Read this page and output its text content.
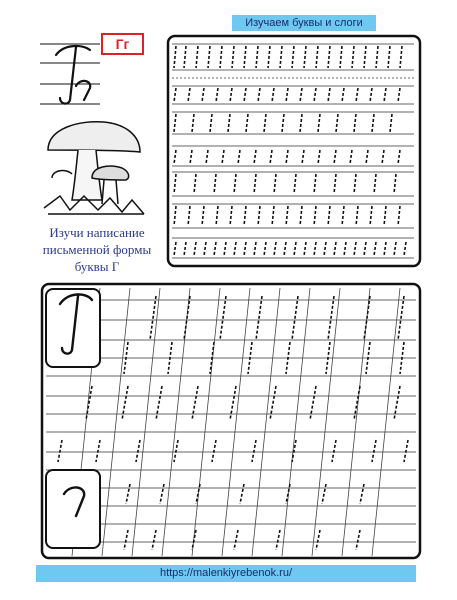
Изучаем буквы и слоги
Гг
Изучи написание
письменной формы
буквы Г
https://malenkiyrebenok.ru/
